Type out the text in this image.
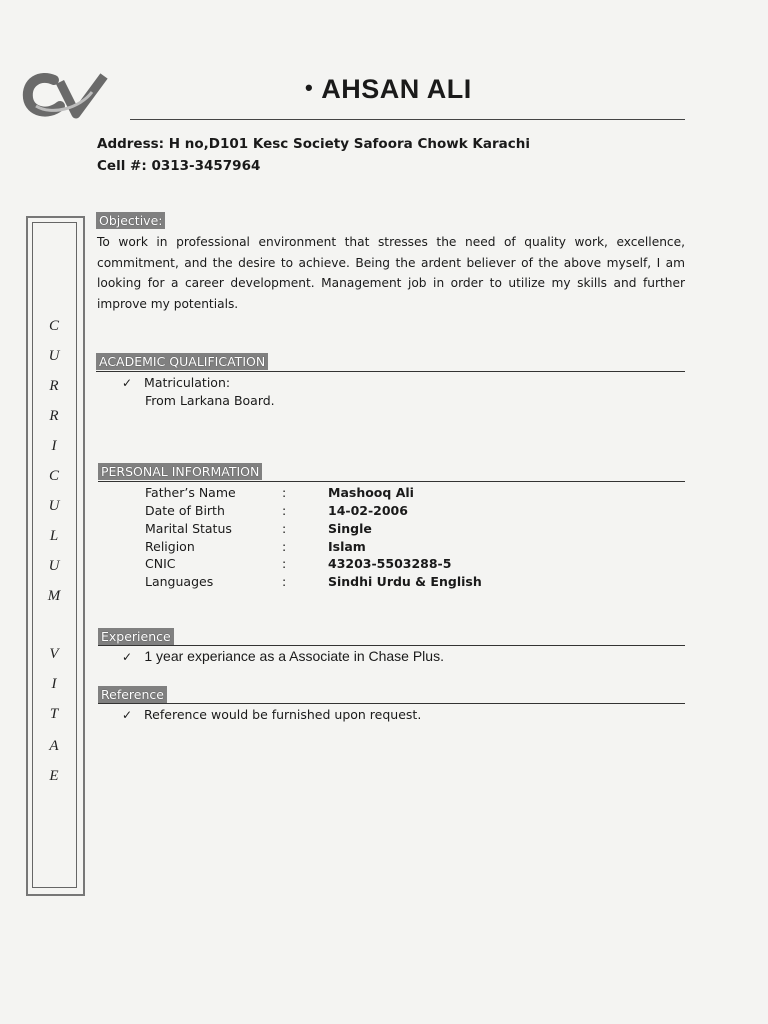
• AHSAN ALI
Address: H no,D101 Kesc Society Safoora Chowk Karachi
Cell #: 0313-3457964
C
U
R
R
I
C
U
L
U
M
V
I
T
A
E
Objective:
To work in professional environment that stresses the need of quality work, excellence, commitment, and the desire to achieve. Being the ardent believer of the above myself, I am looking for a career development. Management job in order to utilize my skills and further improve my potentials.
ACADEMIC QUALIFICATION
✓ Matriculation:
From Larkana Board.
PERSONAL INFORMATION
Father’s Name	:	Mashooq Ali
Date of Birth	:	14-02-2006
Marital Status	:	Single
Religion	:	Islam
CNIC	:	43203-5503288-5
Languages	:	Sindhi Urdu & English
Experience
✓ 1 year experiance as a Associate in Chase Plus.
Reference
✓ Reference would be furnished upon request.
